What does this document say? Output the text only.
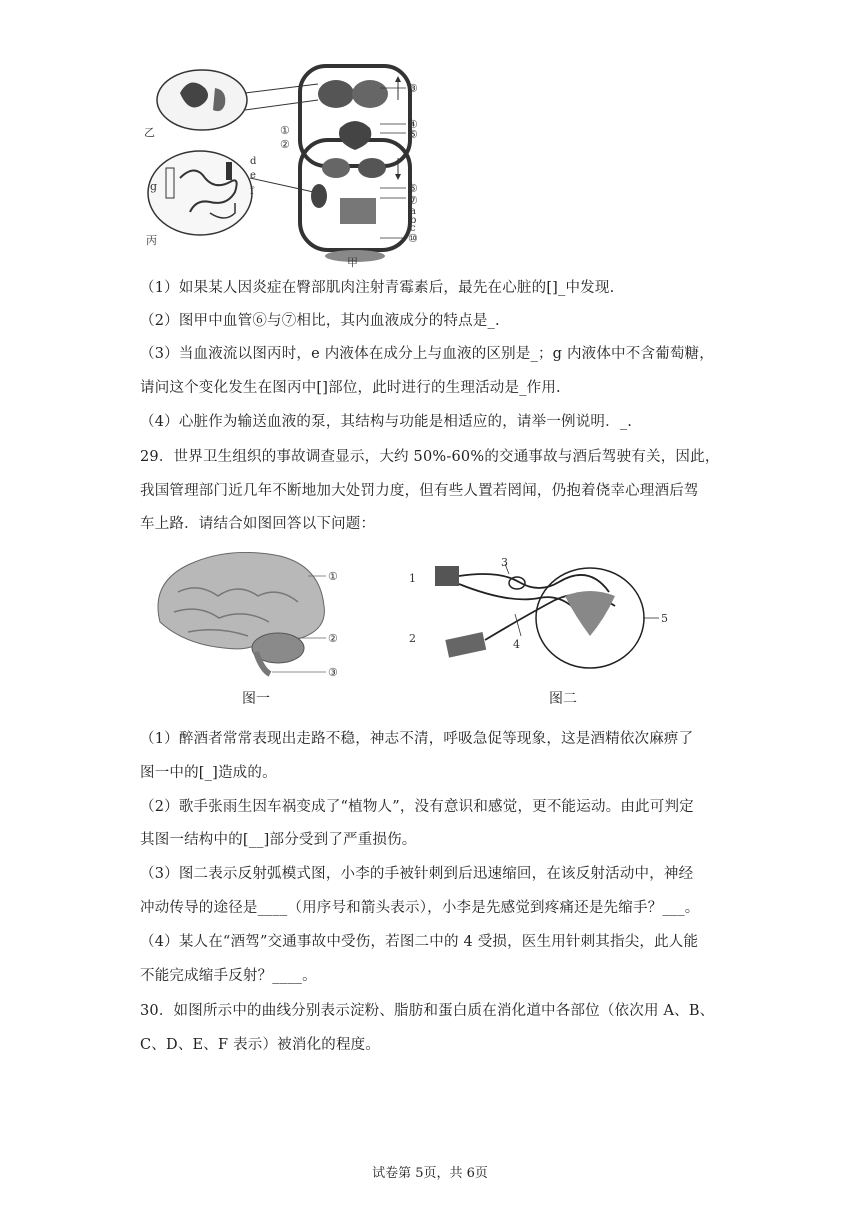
乙
丙
①
②
g
③
④
⑤
⑥
⑦
a
b
c
⑩
d
e
f
甲
（1）如果某人因炎症在臀部肌肉注射青霉素后，最先在心脏的[]_中发现.
（2）图甲中血管⑥与⑦相比，其内血液成分的特点是_.
（3）当血液流以图丙时，e 内液体在成分上与血液的区别是_；g 内液体中不含葡萄糖，
请问这个变化发生在图丙中[]部位，此时进行的生理活动是_作用.
（4）心脏作为输送血液的泵，其结构与功能是相适应的，请举一例说明．_.
29．世界卫生组织的事故调查显示，大约 50%-60%的交通事故与酒后驾驶有关，因此，
我国管理部门近几年不断地加大处罚力度，但有些人置若罔闻，仍抱着侥幸心理酒后驾
车上路．请结合如图回答以下问题：
①
②
③
图一
1
2
3
4
5
图二
（1）醉酒者常常表现出走路不稳，神志不清，呼吸急促等现象，这是酒精依次麻痹了
图一中的[_]造成的。
（2）歌手张雨生因车祸变成了“植物人”，没有意识和感觉，更不能运动。由此可判定
其图一结构中的[__]部分受到了严重损伤。
（3）图二表示反射弧模式图，小李的手被针刺到后迅速缩回，在该反射活动中，神经
冲动传导的途径是____（用序号和箭头表示），小李是先感觉到疼痛还是先缩手？___。
（4）某人在“酒驾”交通事故中受伤，若图二中的 4 受损，医生用针刺其指尖，此人能
不能完成缩手反射？____。
30．如图所示中的曲线分别表示淀粉、脂肪和蛋白质在消化道中各部位（依次用 A、B、
C、D、E、F 表示）被消化的程度。
试卷第 5页，共 6页
